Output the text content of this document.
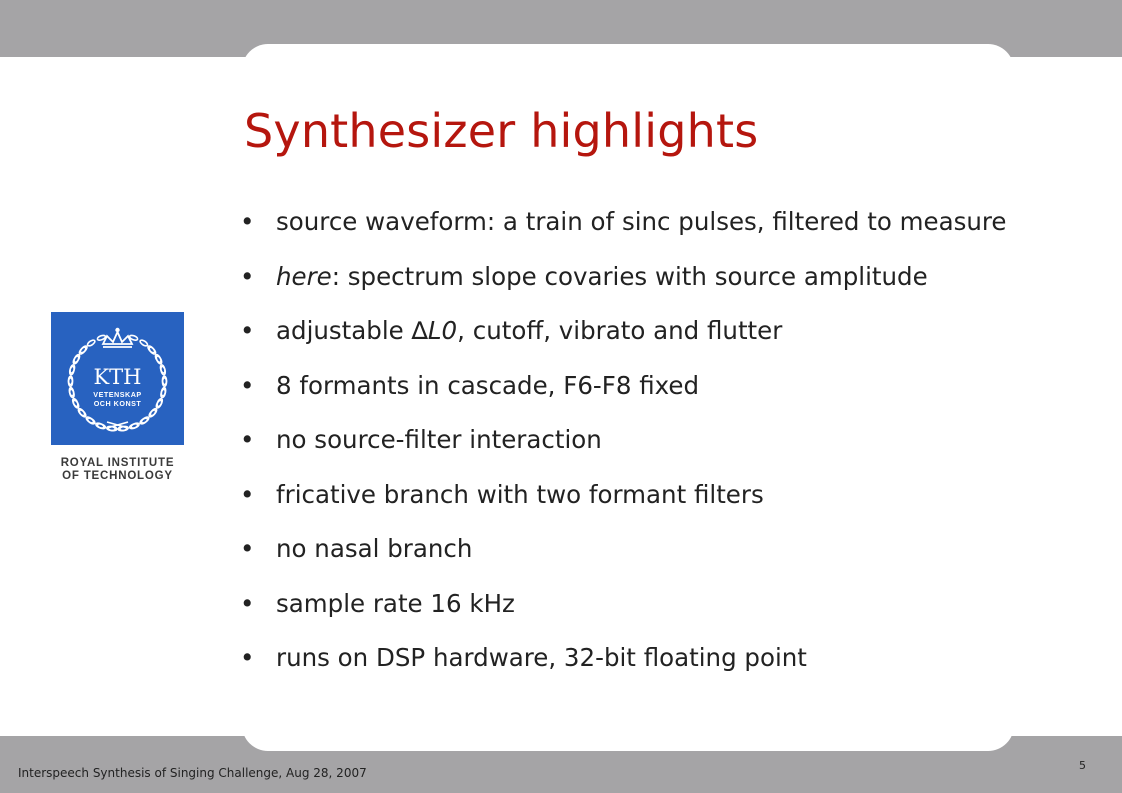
Synthesizer highlights
• source waveform: a train of sinc pulses, filtered to measure
• here: spectrum slope covaries with source amplitude
• adjustable ∆L0, cutoff, vibrato and flutter
• 8 formants in cascade, F6-F8 fixed
• no source-filter interaction
• fricative branch with two formant filters
• no nasal branch
• sample rate 16 kHz
• runs on DSP hardware, 32-bit floating point
KTH
VETENSKAP
OCH KONST
ROYAL INSTITUTE
OF TECHNOLOGY
Interspeech Synthesis of Singing Challenge, Aug 28, 2007
5
